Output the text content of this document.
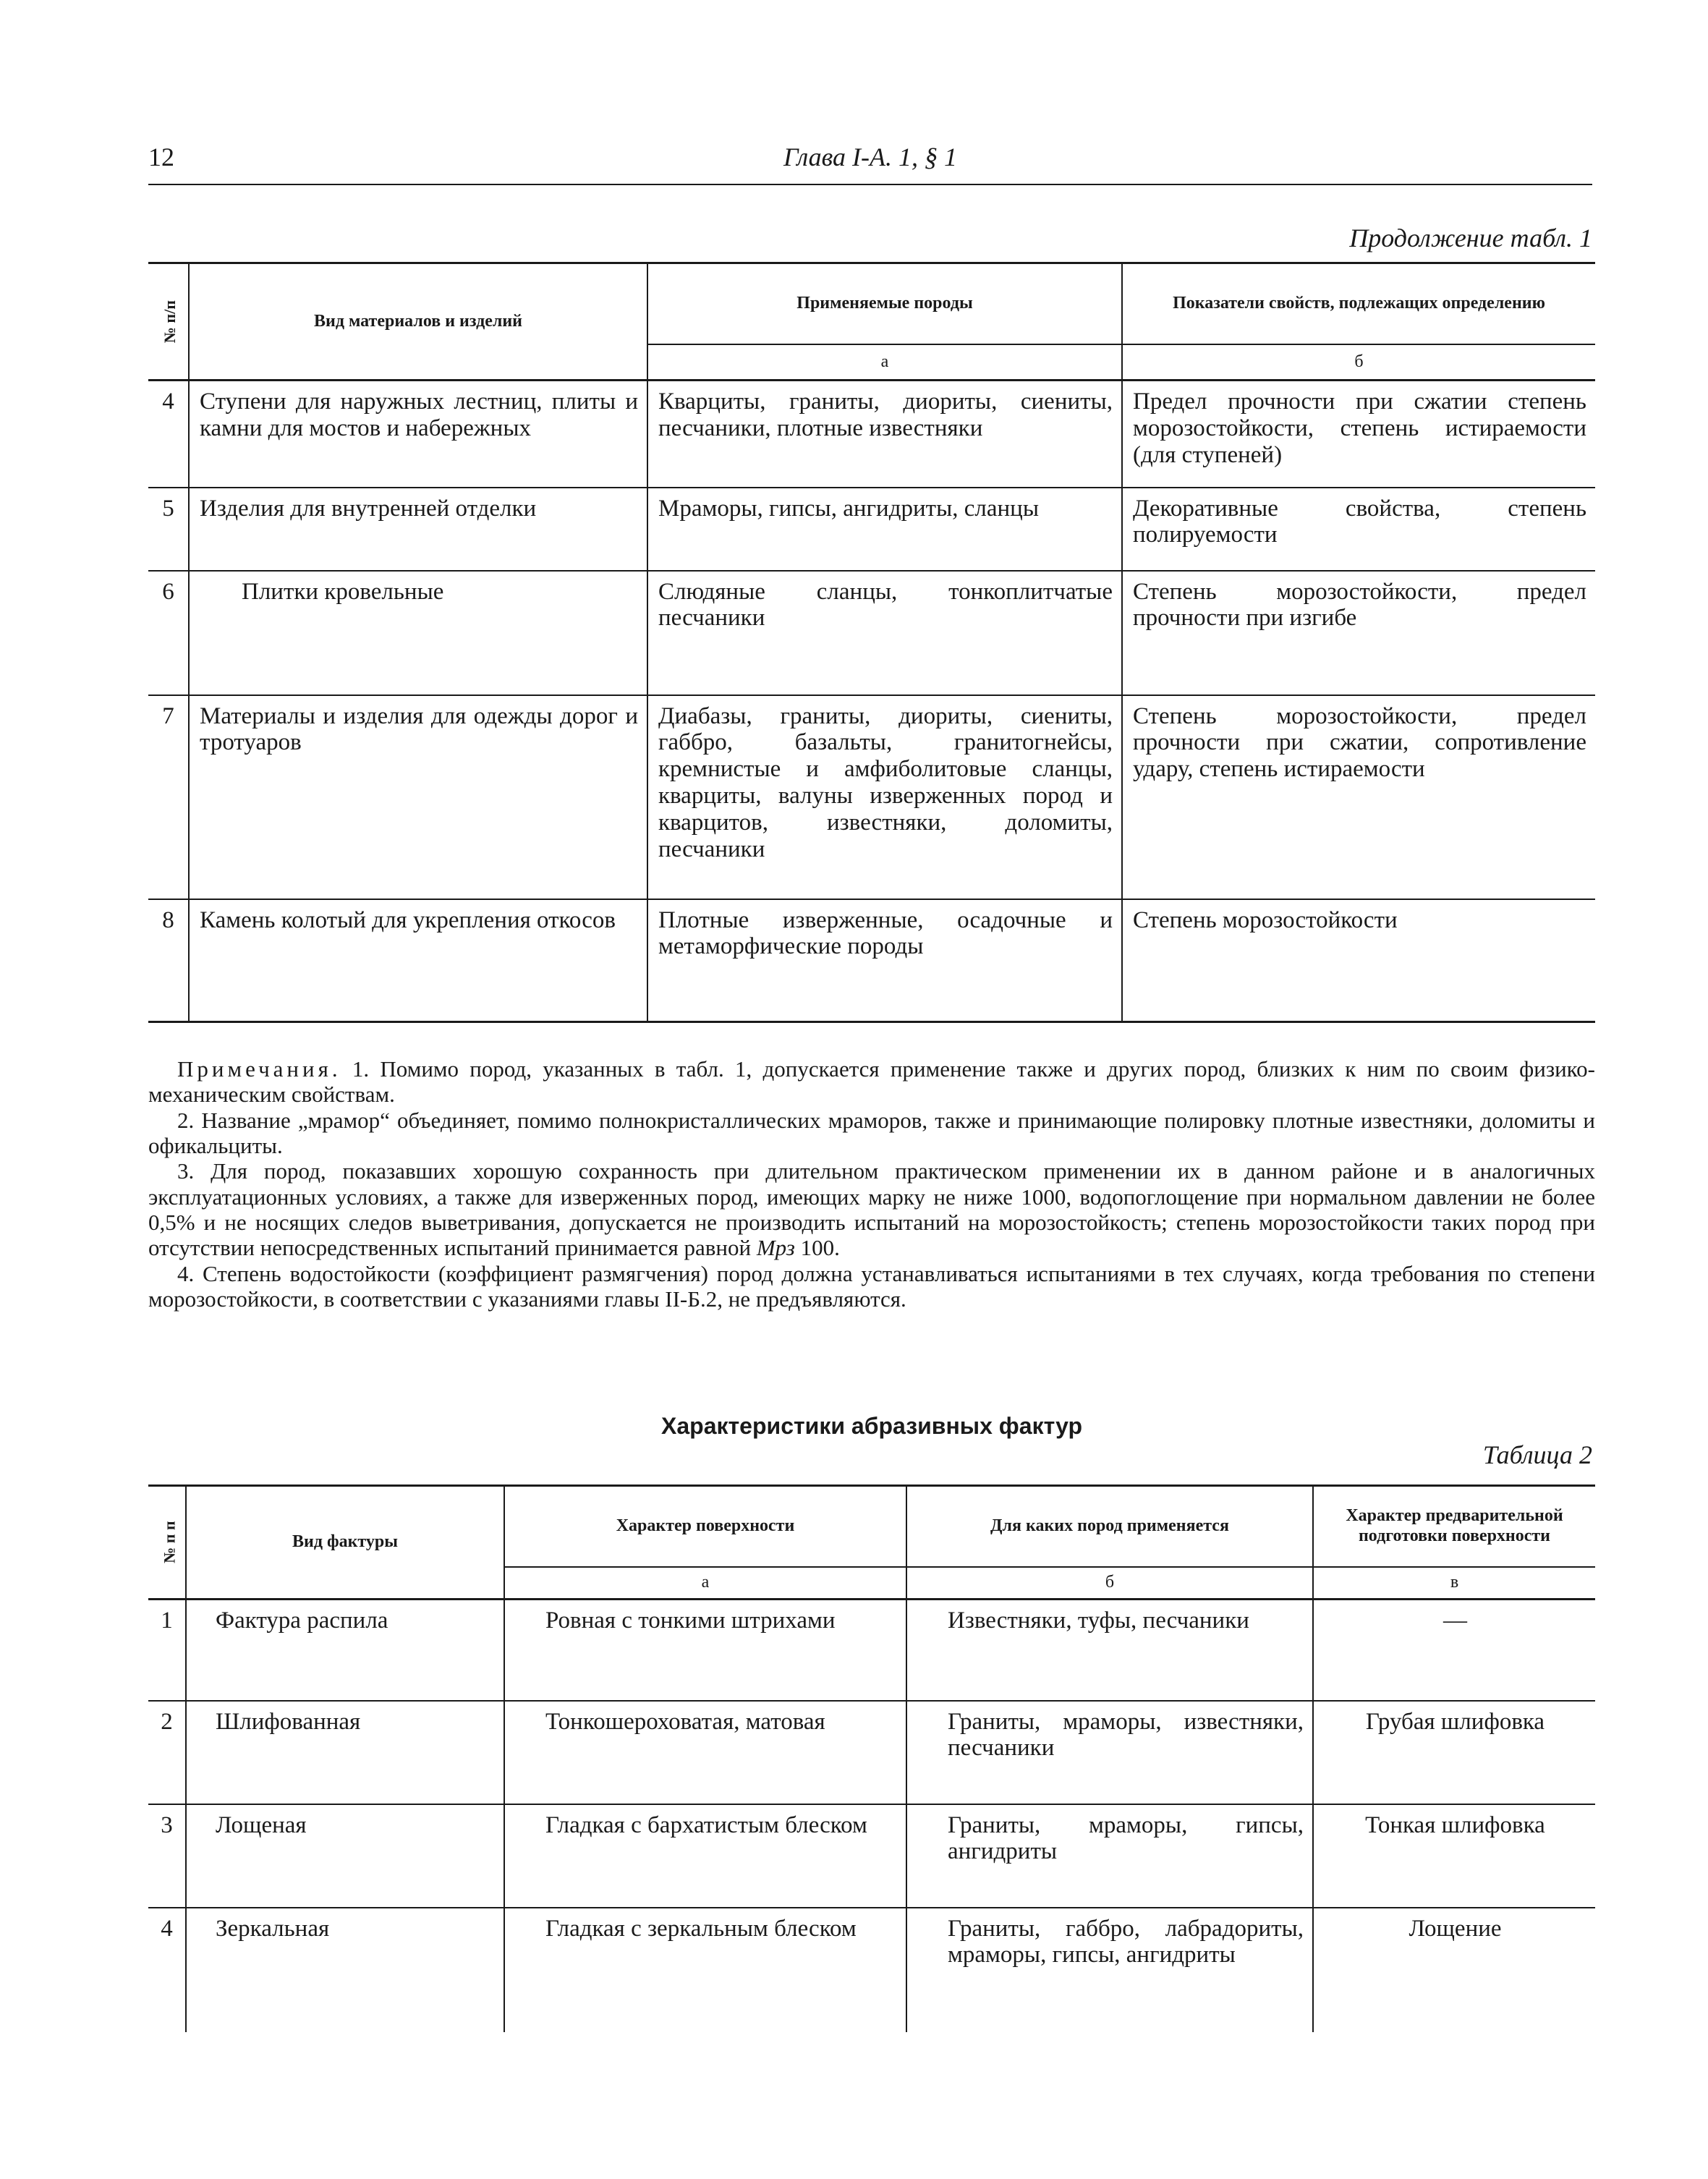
12	Глава I-А. 1, § 1
Продолжение табл. 1
№ п/п	Вид материалов и изделий	Применяемые породы	Показатели свойств, подлежащих определению
		а	б
4	Ступени для наружных лестниц, плиты и камни для мостов и набережных	Кварциты, граниты, диориты, сиениты, песчаники, плотные известняки	Предел прочности при сжатии степень морозостойкости, степень истираемости (для ступеней)
5	Изделия для внутренней отделки	Мраморы, гипсы, ангидриты, сланцы	Декоративные свойства, степень полируемости
6	Плитки кровельные	Слюдяные сланцы, тонкоплитчатые песчаники	Степень морозостойкости, предел прочности при изгибе
7	Материалы и изделия для одежды дорог и тротуаров	Диабазы, граниты, диориты, сиениты, габбро, базальты, гранитогнейсы, кремнистые и амфиболитовые сланцы, кварциты, валуны изверженных пород и кварцитов, известняки, доломиты, песчаники	Степень морозостойкости, предел прочности при сжатии, сопротивление удару, степень истираемости
8	Камень колотый для укрепления откосов	Плотные изверженные, осадочные и метаморфические породы	Степень морозостойкости

Примечания. 1. Помимо пород, указанных в табл. 1, допускается применение также и других пород, близких к ним по своим физико-механическим свойствам.

2. Название „мрамор“ объединяет, помимо полнокристаллических мраморов, также и принимающие полировку плотные известняки, доломиты и офикальциты.

3. Для пород, показавших хорошую сохранность при длительном практическом применении их в данном районе и в аналогичных эксплуатационных условиях, а также для изверженных пород, имеющих марку не ниже 1000, водопоглощение при нормальном давлении не более 0,5% и не носящих следов выветривания, допускается не производить испытаний на морозостойкость; степень морозостойкости таких пород при отсутствии непосредственных испытаний принимается равной Мрз 100.

4. Степень водостойкости (коэффициент размягчения) пород должна устанавливаться испытаниями в тех случаях, когда требования по степени морозостойкости, в соответствии с указаниями главы II-Б.2, не предъявляются.

Характеристики абразивных фактур
Таблица 2
№ п п	Вид фактуры	Характер поверхности	Для каких пород применяется	Характер предварительной подготовки поверхности
		а	б	в
1	Фактура распила	Ровная с тонкими штрихами	Известняки, туфы, песчаники	—
2	Шлифованная	Тонкошероховатая, матовая	Граниты, мраморы, известняки, песчаники	Грубая шлифовка
3	Лощеная	Гладкая с бархатистым блеском	Граниты, мраморы, гипсы, ангидриты	Тонкая шлифовка
4	Зеркальная	Гладкая с зеркальным блеском	Граниты, габбро, лабрадориты, мраморы, гипсы, ангидриты	Лощение
